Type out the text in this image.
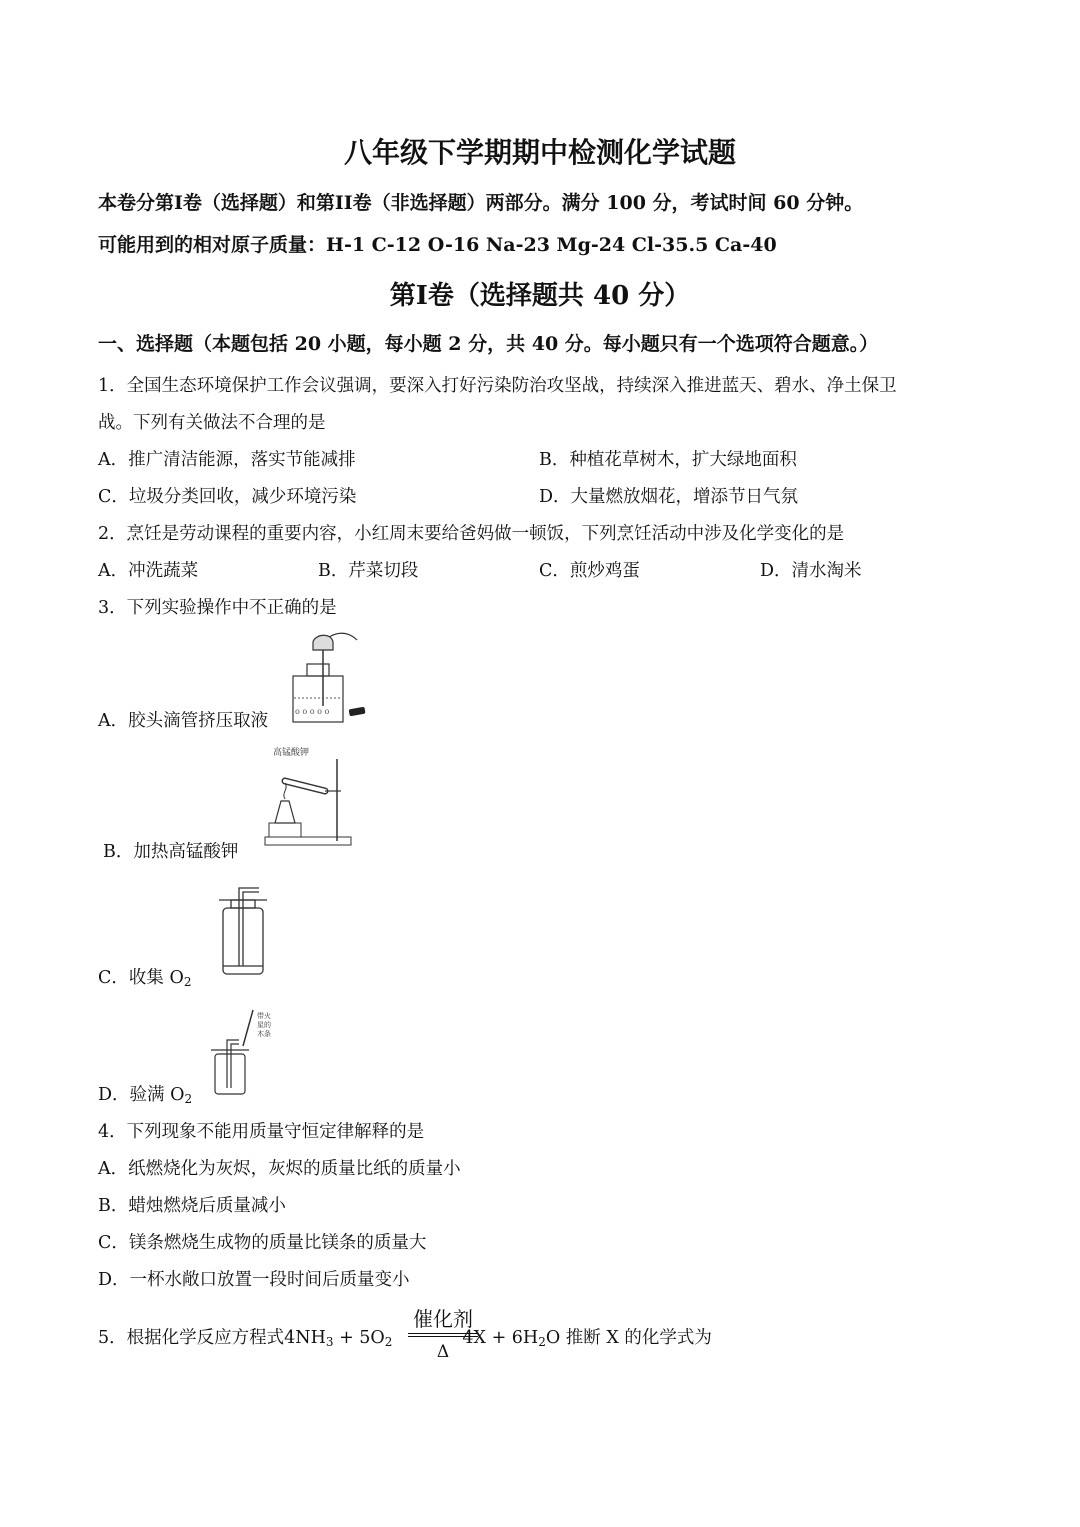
八年级下学期期中检测化学试题
本卷分第I卷（选择题）和第II卷（非选择题）两部分。满分 100 分，考试时间 60 分钟。
可能用到的相对原子质量：H-1 C-12 O-16 Na-23 Mg-24 Cl-35.5 Ca-40
第I卷（选择题共 40 分）
一、选择题（本题包括 20 小题，每小题 2 分，共 40 分。每小题只有一个选项符合题意。）
1．全国生态环境保护工作会议强调，要深入打好污染防治攻坚战，持续深入推进蓝天、碧水、净土保卫
战。下列有关做法不合理的是
A．推广清洁能源，落实节能减排	B．种植花草树木，扩大绿地面积
C．垃圾分类回收，减少环境污染	D．大量燃放烟花，增添节日气氛
2．烹饪是劳动课程的重要内容，小红周末要给爸妈做一顿饭，下列烹饪活动中涉及化学变化的是
A．冲洗蔬菜	B．芹菜切段	C．煎炒鸡蛋	D．清水淘米
3．下列实验操作中不正确的是
o o o o o
A．胶头滴管挤压取液
高锰酸钾
B．加热高锰酸钾
C．收集 $O_2$
带火
星的
木条
D．验满 $O_2$
4．下列现象不能用质量守恒定律解释的是
A．纸燃烧化为灰烬，灰烬的质量比纸的质量小
B．蜡烛燃烧后质量减小
C．镁条燃烧生成物的质量比镁条的质量大
D．一杯水敞口放置一段时间后质量变小
5．根据化学反应方程式$4NH_3 + 5O_2$	$4X + 6H_2O$ 推断 X 的化学式为
催化剂
Δ
